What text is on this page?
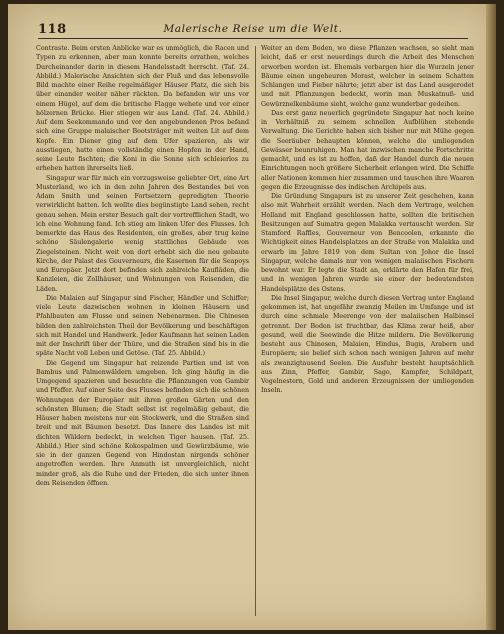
118	Malerische Reise um die Welt.

Contraste. Beim ersten Anblicke war es unmöglich, die Racen und Typen zu erkennen, aber man konnte bereits errathen, welches Durcheinander darin in diesem Handelsstadt herrscht. (Taf. 24. Abbild.) Malerische Ansichten sich der Fluß und das lebensvolle Bild machte einer Reihe regelmäßiger Häuser Platz, die sich bis über einander weiter näher rückten. Da befanden wir uns vor einem Hügel, auf dem die britische Flagge wehete und vor einer hölzernen Brücke. Hier stiegen wir aus Land. (Taf. 24. Abbild.) Auf dem Seekommando und vor den angebundenen Pros befand sich eine Gruppe malaischer Bootsträger mit weiten Lit auf dem Kopfe. Ein Diener ging auf dem Ufer spazieren, als wir ausstiegen, hatte einen vollständig einen Hopfen in der Hand, seine Leute fischten; die Koni in die Sonne sich schleierlos zu erheben hatten ihrerseits ließ.

Singapur war für mich ein vorzugsweise geliebter Ort, eine Art Musterland, wo ich in den zehn Jahren des Bestandes bei von Adam Smith und seinen Fortsetzern gepredigten Theorie verwirklicht hatten. Ich wollte dies begünstigte Land sehen, recht genau sehen. Mein erster Besuch galt der vortrefflichen Stadt, wo ich eine Wohnung fand. Ich stieg am linken Ufer des Flusses. Ich bemerkte das Haus des Residenten, ein großes, aber trug keine schöne Säulengalerie wenig stattliches Gebäude von Ziegelsteinen. Nicht weit von dort erhebt sich die neu gebaute Kirche, der Palast des Gouverneurs, die Kasernen für die Seapoys und Europäer. Jetzt dort befinden sich zahlreiche Kaufläden, die Kanzleien, die Zollhäuser, und Wohnungen von Reisenden, die Läden.

Die Malaien auf Singapur sind Fischer, Händler und Schiffer; viele Leute dazwischen wohnen in kleinen Häusern und Pfahlbauten am Flusse und seinen Nebenarmen. Die Chinesen bilden den zahlreichsten Theil der Bevölkerung und beschäftigen sich mit Handel und Handwerk. Jeder Kaufmann hat seinen Laden mit der Inschrift über der Thüre, und die Straßen sind bis in die späte Nacht voll Leben und Getöse. (Taf. 25. Abbild.)

Die Gegend um Singapur hat reizende Partien und ist von Bambus und Palmenwäldern umgeben. Ich ging häufig in die Umgegend spazieren und besuchte die Pflanzungen von Gambir und Pfeffer. Auf einer Seite des Flusses befinden sich die schönen Wohnungen der Europäer mit ihren großen Gärten und den schönsten Blumen; die Stadt selbst ist regelmäßig gebaut, die Häuser haben meistens nur ein Stockwerk, und die Straßen sind breit und mit Bäumen besetzt. Das Innere des Landes ist mit dichten Wäldern bedeckt, in welchen Tiger hausen. (Taf. 25. Abbild.) Hier sind schöne Kokospalmen und Gewürzbäume, wie sie in der ganzen Gegend von Hindostan nirgends schöner angetroffen werden. Ihre Anmuth ist unvergleichlich, nicht minder groß, als die Ruhe und der Frieden, die sich unter ihnen dem Reisenden öffnen.

Weiter an dem Boden, wo diese Pflanzen wachsen, so sieht man leicht, daß er erst neuerdings durch die Arbeit des Menschen erworben worden ist. Ehemals verbargen hier die Wurzeln jener Bäume einen ungeheuren Morast, welcher in seinem Schatten Schlangen und Fieber nährte; jetzt aber ist das Land ausgerodet und mit Pflanzungen bedeckt, worin man Muskatnuß- und Gewürznelkenbäume sieht, welche ganz wunderbar gedeihen.

Das erst ganz neuerlich gegründete Singapur hat noch keine in Verhältniß zu seinem schnellen Aufblühen stehende Verwaltung. Die Gerichte haben sich bisher nur mit Mühe gegen die Seeräuber behaupten können, welche die umliegenden Gewässer beunruhigen. Man hat inzwischen manche Fortschritte gemacht, und es ist zu hoffen, daß der Handel durch die neuen Einrichtungen noch größere Sicherheit erlangen wird. Die Schiffe aller Nationen kommen hier zusammen und tauschen ihre Waaren gegen die Erzeugnisse des indischen Archipels aus.

Die Gründung Singapurs ist zu unserer Zeit geschehen, kann also mit Wahrheit erzählt werden. Nach dem Vertrage, welchen Holland mit England geschlossen hatte, sollten die britischen Besitzungen auf Sumatra gegen Malakka vertauscht werden. Sir Stamford Raffles, Gouverneur von Bencoolen, erkannte die Wichtigkeit eines Handelsplatzes an der Straße von Malakka und erwarb im Jahre 1819 von dem Sultan von Johor die Insel Singapur, welche damals nur von wenigen malaiischen Fischern bewohnt war. Er legte die Stadt an, erklärte den Hafen für frei, und in wenigen Jahren wurde sie einer der bedeutendsten Handelsplätze des Ostens.

Die Insel Singapur, welche durch diesen Vertrag unter England gekommen ist, hat ungefähr zwanzig Meilen im Umfange und ist durch eine schmale Meerenge von der malaiischen Halbinsel getrennt. Der Boden ist fruchtbar, das Klima zwar heiß, aber gesund, weil die Seewinde die Hitze mildern. Die Bevölkerung besteht aus Chinesen, Malaien, Hindus, Bugis, Arabern und Europäern; sie belief sich schon nach wenigen Jahren auf mehr als zwanzigtausend Seelen. Die Ausfuhr besteht hauptsächlich aus Zinn, Pfeffer, Gambir, Sago, Kampfer, Schildpatt, Vogelnestern, Gold und anderen Erzeugnissen der umliegenden Inseln.
